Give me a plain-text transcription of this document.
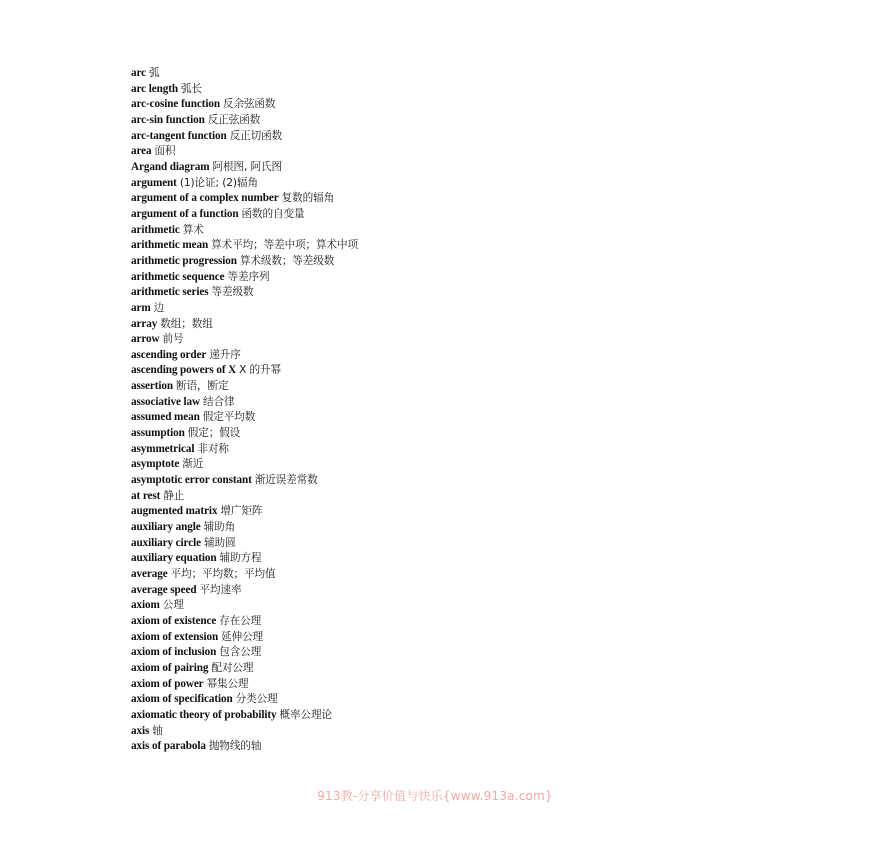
arc 弧
arc length 弧长
arc-cosine function 反余弦函数
arc-sin function 反正弦函数
arc-tangent function 反正切函数
area 面积
Argand diagram 阿根图, 阿氏图
argument (1)论证; (2)辐角
argument of a complex number 复数的辐角
argument of a function 函数的自变量
arithmetic 算术
arithmetic mean 算术平均；等差中项；算术中项
arithmetic progression 算术级数；等差级数
arithmetic sequence 等差序列
arithmetic series 等差级数
arm 边
array 数组；数组
arrow 前号
ascending order 递升序
ascending powers of X X 的升幂
assertion 断语，断定
associative law 结合律
assumed mean 假定平均数
assumption 假定；假设
asymmetrical 非对称
asymptote 渐近
asymptotic error constant 渐近误差常数
at rest 静止
augmented matrix 增广矩阵
auxiliary angle 辅助角
auxiliary circle 辅助圆
auxiliary equation 辅助方程
average 平均；平均数；平均值
average speed 平均速率
axiom 公理
axiom of existence 存在公理
axiom of extension 延伸公理
axiom of inclusion 包含公理
axiom of pairing 配对公理
axiom of power 幂集公理
axiom of specification 分类公理
axiomatic theory of probability 概率公理论
axis 轴
axis of parabola 抛物线的轴
913教-分享价值与快乐{www.913a.com}
